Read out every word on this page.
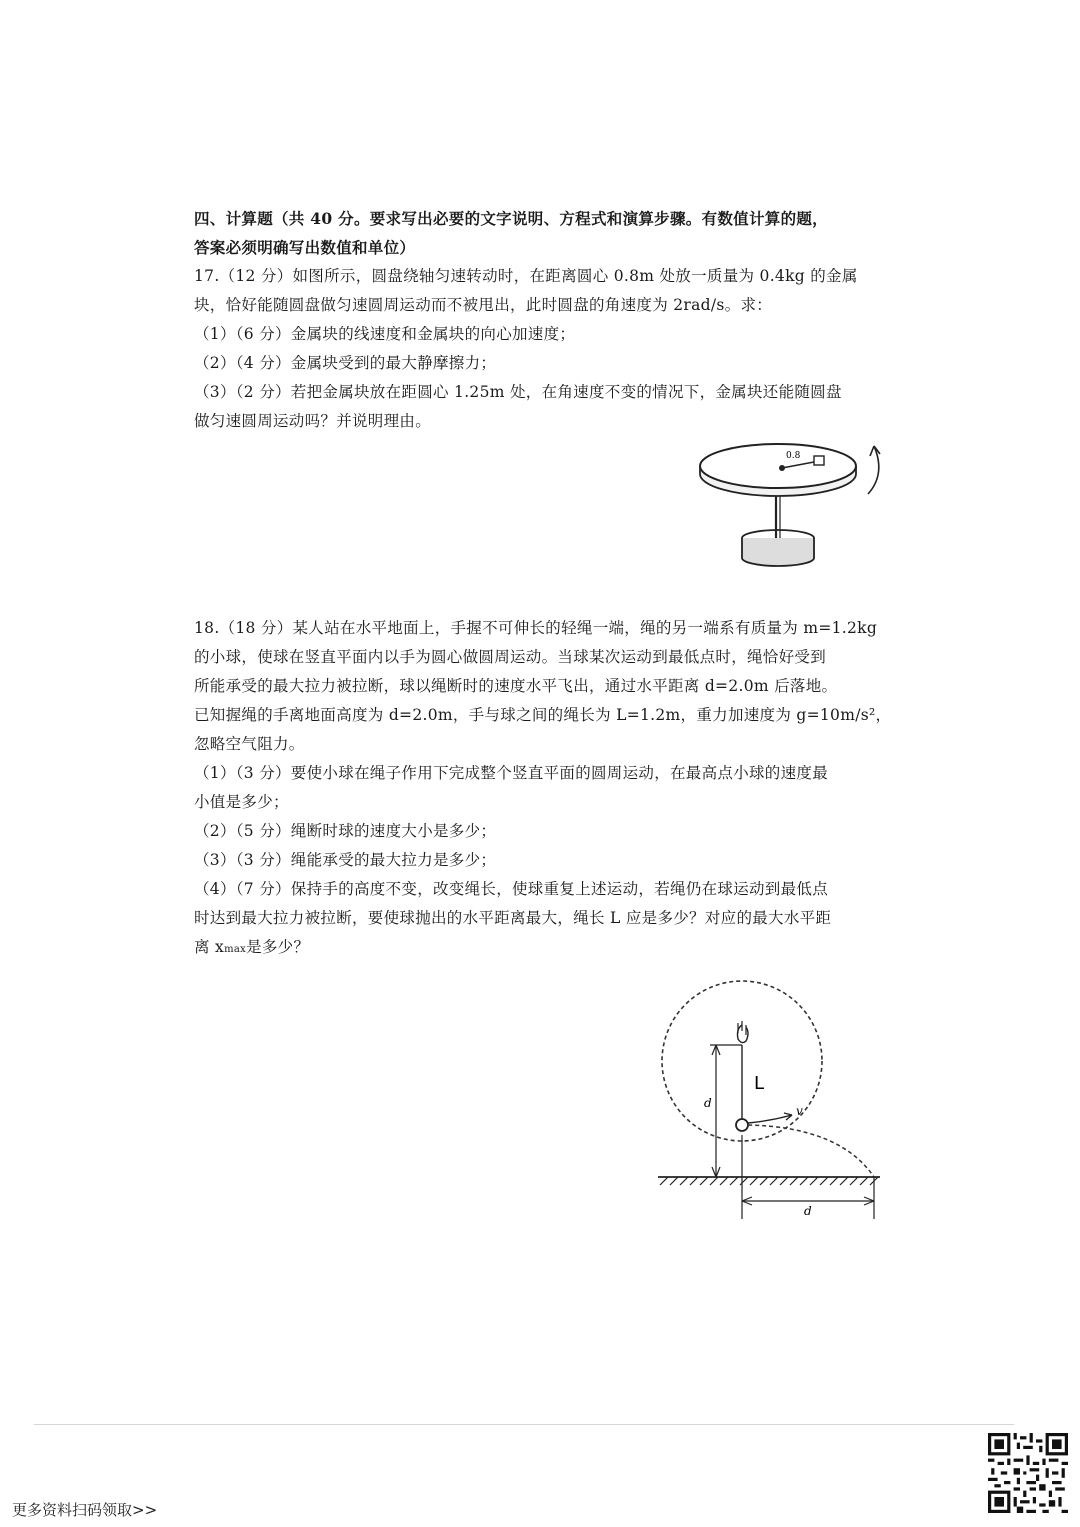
四、计算题（共 40 分。要求写出必要的文字说明、方程式和演算步骤。有数值计算的题，
答案必须明确写出数值和单位）
17.（12 分）如图所示，圆盘绕轴匀速转动时，在距离圆心 0.8m 处放一质量为 0.4kg 的金属
块，恰好能随圆盘做匀速圆周运动而不被甩出，此时圆盘的角速度为 2rad/s。求：
（1）（6 分）金属块的线速度和金属块的向心加速度；
（2）（4 分）金属块受到的最大静摩擦力；
（3）（2 分）若把金属块放在距圆心 1.25m 处，在角速度不变的情况下，金属块还能随圆盘
做匀速圆周运动吗？并说明理由。
0.8
18.（18 分）某人站在水平地面上，手握不可伸长的轻绳一端，绳的另一端系有质量为 m=1.2kg
的小球，使球在竖直平面内以手为圆心做圆周运动。当球某次运动到最低点时，绳恰好受到
所能承受的最大拉力被拉断，球以绳断时的速度水平飞出，通过水平距离 d=2.0m 后落地。
已知握绳的手离地面高度为 d=2.0m，手与球之间的绳长为 L=1.2m，重力加速度为 g=10m/s²，
忽略空气阻力。
（1）（3 分）要使小球在绳子作用下完成整个竖直平面的圆周运动，在最高点小球的速度最
小值是多少；
（2）（5 分）绳断时球的速度大小是多少；
（3）（3 分）绳能承受的最大拉力是多少；
（4）（7 分）保持手的高度不变，改变绳长，使球重复上述运动，若绳仍在球运动到最低点
时达到最大拉力被拉断，要使球抛出的水平距离最大，绳长 L 应是多少？对应的最大水平距
离 xmax是多少？
v
L
d
d
更多资料扫码领取>>
